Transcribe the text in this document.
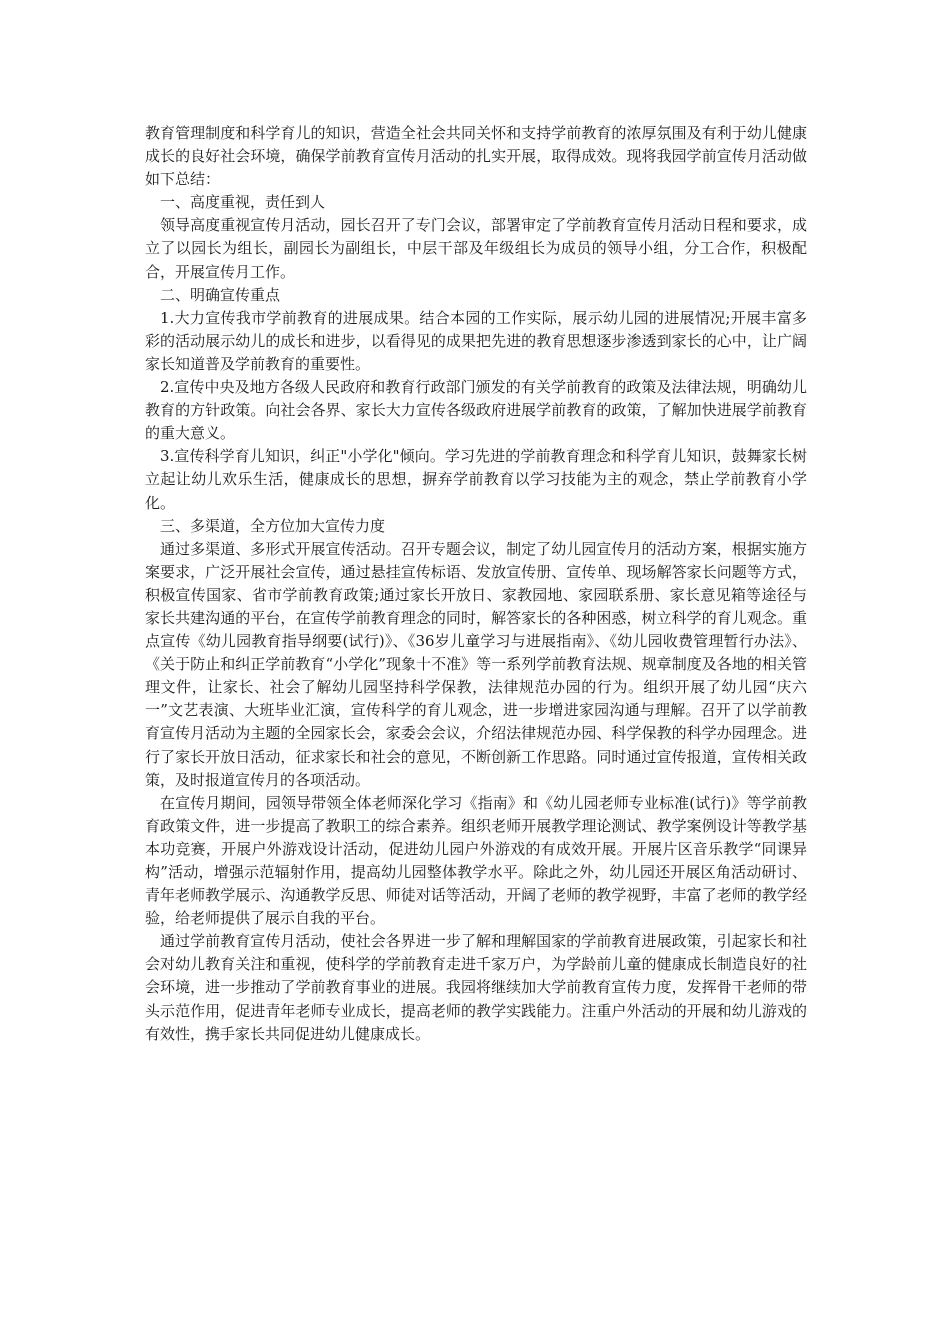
教育管理制度和科学育儿的知识，营造全社会共同关怀和支持学前教育的浓厚氛围及有利于幼儿健康成长的良好社会环境，确保学前教育宣传月活动的扎实开展，取得成效。现将我园学前宣传月活动做如下总结：

一、高度重视，责任到人

领导高度重视宣传月活动，园长召开了专门会议，部署审定了学前教育宣传月活动日程和要求，成立了以园长为组长，副园长为副组长，中层干部及年级组长为成员的领导小组，分工合作，积极配合，开展宣传月工作。

二、明确宣传重点

1.大力宣传我市学前教育的进展成果。结合本园的工作实际，展示幼儿园的进展情况;开展丰富多彩的活动展示幼儿的成长和进步，以看得见的成果把先进的教育思想逐步渗透到家长的心中，让广阔家长知道普及学前教育的重要性。

2.宣传中央及地方各级人民政府和教育行政部门颁发的有关学前教育的政策及法律法规，明确幼儿教育的方针政策。向社会各界、家长大力宣传各级政府进展学前教育的政策，了解加快进展学前教育的重大意义。

3.宣传科学育儿知识，纠正"小学化"倾向。学习先进的学前教育理念和科学育儿知识，鼓舞家长树立起让幼儿欢乐生活，健康成长的思想，摒弃学前教育以学习技能为主的观念，禁止学前教育小学化。

三、多渠道，全方位加大宣传力度

通过多渠道、多形式开展宣传活动。召开专题会议，制定了幼儿园宣传月的活动方案，根据实施方案要求，广泛开展社会宣传，通过悬挂宣传标语、发放宣传册、宣传单、现场解答家长问题等方式，积极宣传国家、省市学前教育政策;通过家长开放日、家教园地、家园联系册、家长意见箱等途径与家长共建沟通的平台，在宣传学前教育理念的同时，解答家长的各种困惑，树立科学的育儿观念。重点宣传《幼儿园教育指导纲要(试行)》、《36岁儿童学习与进展指南》、《幼儿园收费管理暂行办法》、《关于防止和纠正学前教育“小学化”现象十不准》等一系列学前教育法规、规章制度及各地的相关管理文件，让家长、社会了解幼儿园坚持科学保教，法律规范办园的行为。组织开展了幼儿园“庆六一”文艺表演、大班毕业汇演，宣传科学的育儿观念，进一步增进家园沟通与理解。召开了以学前教育宣传月活动为主题的全园家长会，家委会会议，介绍法律规范办园、科学保教的科学办园理念。进行了家长开放日活动，征求家长和社会的意见，不断创新工作思路。同时通过宣传报道，宣传相关政策，及时报道宣传月的各项活动。

在宣传月期间，园领导带领全体老师深化学习《指南》和《幼儿园老师专业标准(试行)》等学前教育政策文件，进一步提高了教职工的综合素养。组织老师开展教学理论测试、教学案例设计等教学基本功竞赛，开展户外游戏设计活动，促进幼儿园户外游戏的有成效开展。开展片区音乐教学“同课异构”活动，增强示范辐射作用，提高幼儿园整体教学水平。除此之外，幼儿园还开展区角活动研讨、青年老师教学展示、沟通教学反思、师徒对话等活动，开阔了老师的教学视野，丰富了老师的教学经验，给老师提供了展示自我的平台。

通过学前教育宣传月活动，使社会各界进一步了解和理解国家的学前教育进展政策，引起家长和社会对幼儿教育关注和重视，使科学的学前教育走进千家万户，为学龄前儿童的健康成长制造良好的社会环境，进一步推动了学前教育事业的进展。我园将继续加大学前教育宣传力度，发挥骨干老师的带头示范作用，促进青年老师专业成长，提高老师的教学实践能力。注重户外活动的开展和幼儿游戏的有效性，携手家长共同促进幼儿健康成长。
